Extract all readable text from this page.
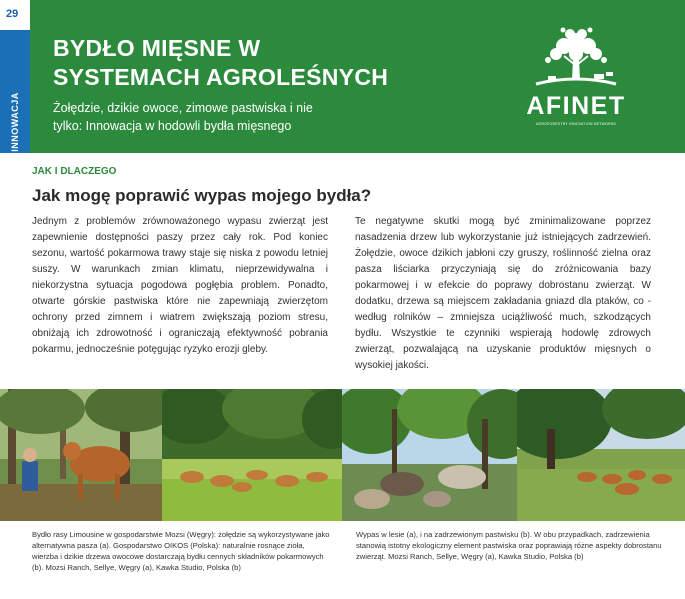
29
INNOWACJA
BYDŁO MIĘSNE W
SYSTEMACH AGROLEŚNYCH
Żołędzie, dzikie owoce, zimowe pastwiska i nie
tylko: Innowacja w hodowli bydła mięsnego
AFINET
AGROFORESTRY INNOVATION NETWORKS
JAK I DLACZEGO
Jak mogę poprawić wypas mojego bydła?

Jednym z problemów zrównoważonego wypasu zwierząt jest zapewnienie dostępności paszy przez cały rok. Pod koniec sezonu, wartość pokarmowa trawy staje się niska z powodu letniej suszy. W warunkach zmian klimatu, nieprzewidywalna i niekorzystna sytuacja pogodowa pogłębia problem. Ponadto, otwarte górskie pastwiska które nie zapewniają zwierzętom ochrony przed zimnem i wiatrem zwiększają poziom stresu, obniżają ich zdrowotność i ograniczają efektywność pobrania pokarmu, jednocześnie potęgując ryzyko erozji gleby.

Te negatywne skutki mogą być zminimalizowane poprzez nasadzenia drzew lub wykorzystanie już istniejących zadrzewień. Żołędzie, owoce dzikich jabłoni czy gruszy, roślinność zielna oraz pasza liściarka przyczyniają się do zróżnicowania bazy pokarmowej i w efekcie do poprawy dobrostanu zwierząt. W dodatku, drzewa są miejscem zakładania gniazd dla ptaków, co - według rolników – zmniejsza uciążliwość much, szkodzących bydłu. Wszystkie te czynniki wspierają hodowlę zdrowych zwierząt, pozwalającą na uzyskanie produktów mięsnych o wysokiej jakości.

Bydło rasy Limousine w gospodarstwie Mozsi (Węgry): żołędzie są wykorzystywane jako alternatywna pasza (a). Gospodarstwo OIKOS (Polska): naturalnie rosnące zioła, wierzba i dzikie drzewa owocowe dostarczają bydłu cennych składników pokarmowych (b). Mozsi Ranch, Sellye, Węgry (a), Kawka Studio, Polska (b)

Wypas w lesie (a), i na zadrzewionym pastwisku (b). W obu przypadkach, zadrzewienia stanowią istotny ekologiczny element pastwiska oraz poprawiają różne aspekty dobrostanu zwierząt. Mozsi Ranch, Sellye, Węgry (a), Kawka Studio, Polska (b)
